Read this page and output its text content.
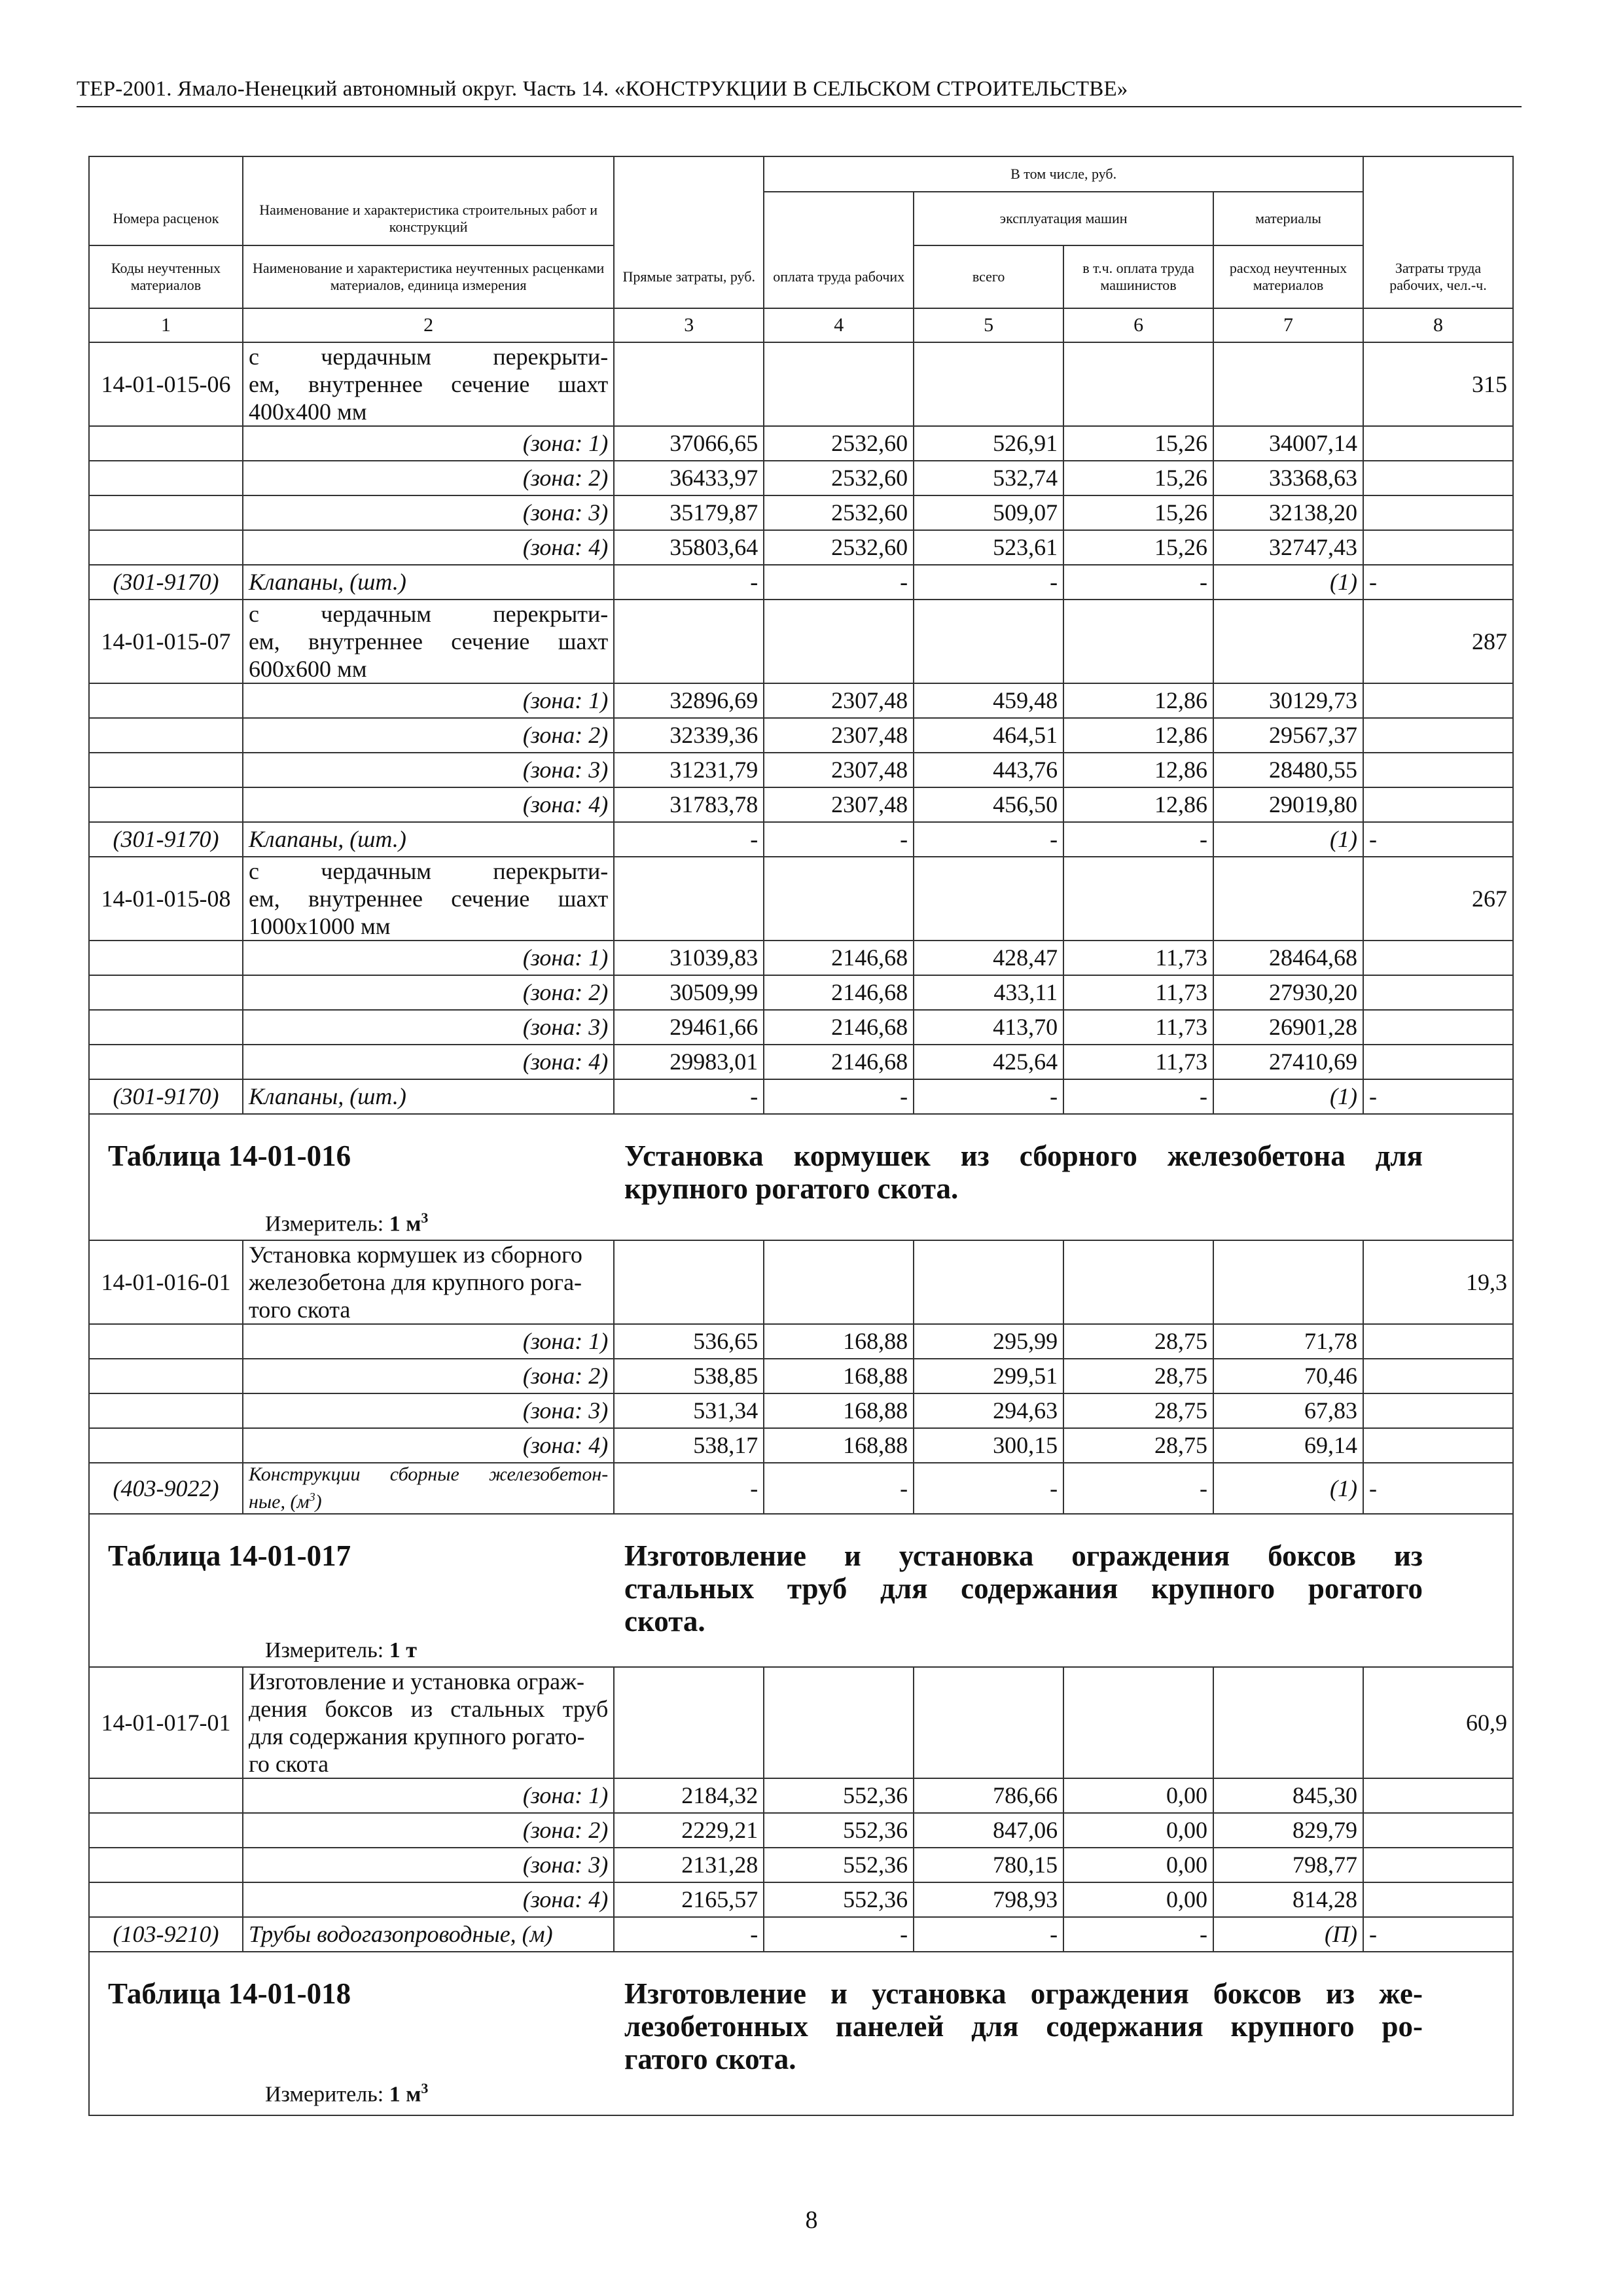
ТЕР-2001. Ямало-Ненецкий автономный округ. Часть 14. «КОНСТРУКЦИИ В СЕЛЬСКОМ СТРОИТЕЛЬСТВЕ»
			В том числе, руб.				
Номера расценок	Наименование и характеристика строительных работ и конструкций			эксплуатация машин		материалы	
Коды неучтенных материалов	Наименование и характеристика неучтенных расценками материалов, единица измерения	Прямые затраты, руб.	оплата труда рабочих	всего	в т.ч. оплата труда машинистов	расход неучтенных материалов	Затраты труда рабочих, чел.-ч.
1	2	3	4	5	6	7	8
14-01-015-06	с чердачным перекрыти-
ем, внутреннее сечение шахт
400х400 мм						315
	(зона: 1)	37066,65	2532,60	526,91	15,26	34007,14	
	(зона: 2)	36433,97	2532,60	532,74	15,26	33368,63	
	(зона: 3)	35179,87	2532,60	509,07	15,26	32138,20	
	(зона: 4)	35803,64	2532,60	523,61	15,26	32747,43	
(301-9170)	Клапаны, (шт.)	-	-	-	-	(1)	-
14-01-015-07	с чердачным перекрыти-
ем, внутреннее сечение шахт
600х600 мм						287
	(зона: 1)	32896,69	2307,48	459,48	12,86	30129,73	
	(зона: 2)	32339,36	2307,48	464,51	12,86	29567,37	
	(зона: 3)	31231,79	2307,48	443,76	12,86	28480,55	
	(зона: 4)	31783,78	2307,48	456,50	12,86	29019,80	
(301-9170)	Клапаны, (шт.)	-	-	-	-	(1)	-
14-01-015-08	с чердачным перекрыти-
ем, внутреннее сечение шахт
1000х1000 мм						267
	(зона: 1)	31039,83	2146,68	428,47	11,73	28464,68	
	(зона: 2)	30509,99	2146,68	433,11	11,73	27930,20	
	(зона: 3)	29461,66	2146,68	413,70	11,73	26901,28	
	(зона: 4)	29983,01	2146,68	425,64	11,73	27410,69	
(301-9170)	Клапаны, (шт.)	-	-	-	-	(1)	-

Таблица 14-01-016
Измеритель: 1 $м^3$
Установка кормушек из сборного железобетона для
крупного рогатого скота.							

14-01-016-01	Установка кормушек из сборного
железобетона для крупного рога-
того скота						19,3
	(зона: 1)	536,65	168,88	295,99	28,75	71,78	
	(зона: 2)	538,85	168,88	299,51	28,75	70,46	
	(зона: 3)	531,34	168,88	294,63	28,75	67,83	
	(зона: 4)	538,17	168,88	300,15	28,75	69,14	
(403-9022)	Конструкции сборные железобетон-
ные, $(м^3)$	-	-	-	-	(1)	-

Таблица 14-01-017
Измеритель: 1 т
Изготовление и установка ограждения боксов из
стальных труб для содержания крупного рогатого
скота.							

14-01-017-01	Изготовление и установка ограж-
дения боксов из стальных труб
для содержания крупного рогато-
го скота						60,9
	(зона: 1)	2184,32	552,36	786,66	0,00	845,30	
	(зона: 2)	2229,21	552,36	847,06	0,00	829,79	
	(зона: 3)	2131,28	552,36	780,15	0,00	798,77	
	(зона: 4)	2165,57	552,36	798,93	0,00	814,28	
(103-9210)	Трубы водогазопроводные, (м)	-	-	-	-	(П)	-

Таблица 14-01-018
Измеритель: 1 $м^3$
Изготовление и установка ограждения боксов из же-
лезобетонных панелей для содержания крупного ро-
гатого скота.							
8
